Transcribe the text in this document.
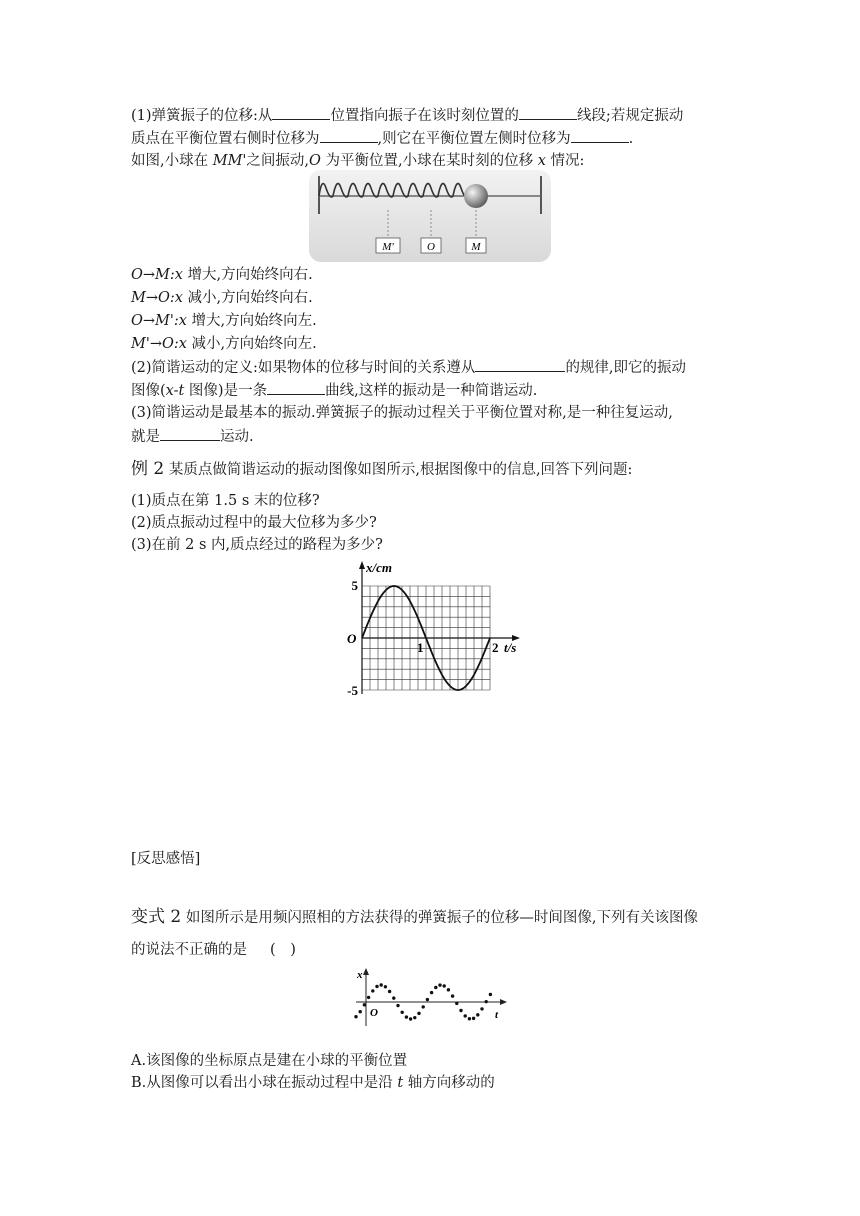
(1)弹簧振子的位移:从	位置指向振子在该时刻位置的	线段;若规定振动
质点在平衡位置右侧时位移为	,则它在平衡位置左侧时位移为	.
如图,小球在 MM'之间振动,O 为平衡位置,小球在某时刻的位移 x 情况:
M'	O	M
O→M:x 增大,方向始终向右.
M→O:x 减小,方向始终向右.
O→M':x 增大,方向始终向左.
M'→O:x 减小,方向始终向左.
(2)简谐运动的定义:如果物体的位移与时间的关系遵从	的规律,即它的振动
图像(x-t 图像)是一条	曲线,这样的振动是一种简谐运动.
(3)简谐运动是最基本的振动.弹簧振子的振动过程关于平衡位置对称,是一种往复运动,
就是	运动.
例 2 某质点做简谐运动的振动图像如图所示,根据图像中的信息,回答下列问题:
(1)质点在第 1.5 s 末的位移?
(2)质点振动过程中的最大位移为多少?
(3)在前 2 s 内,质点经过的路程为多少?
x/cm
t/s
O
5
-5
1	2
[反思感悟]
变式 2 如图所示是用频闪照相的方法获得的弹簧振子的位移—时间图像,下列有关该图像
的说法不正确的是 (　)
x
t
O
A.该图像的坐标原点是建在小球的平衡位置
B.从图像可以看出小球在振动过程中是沿 t 轴方向移动的
